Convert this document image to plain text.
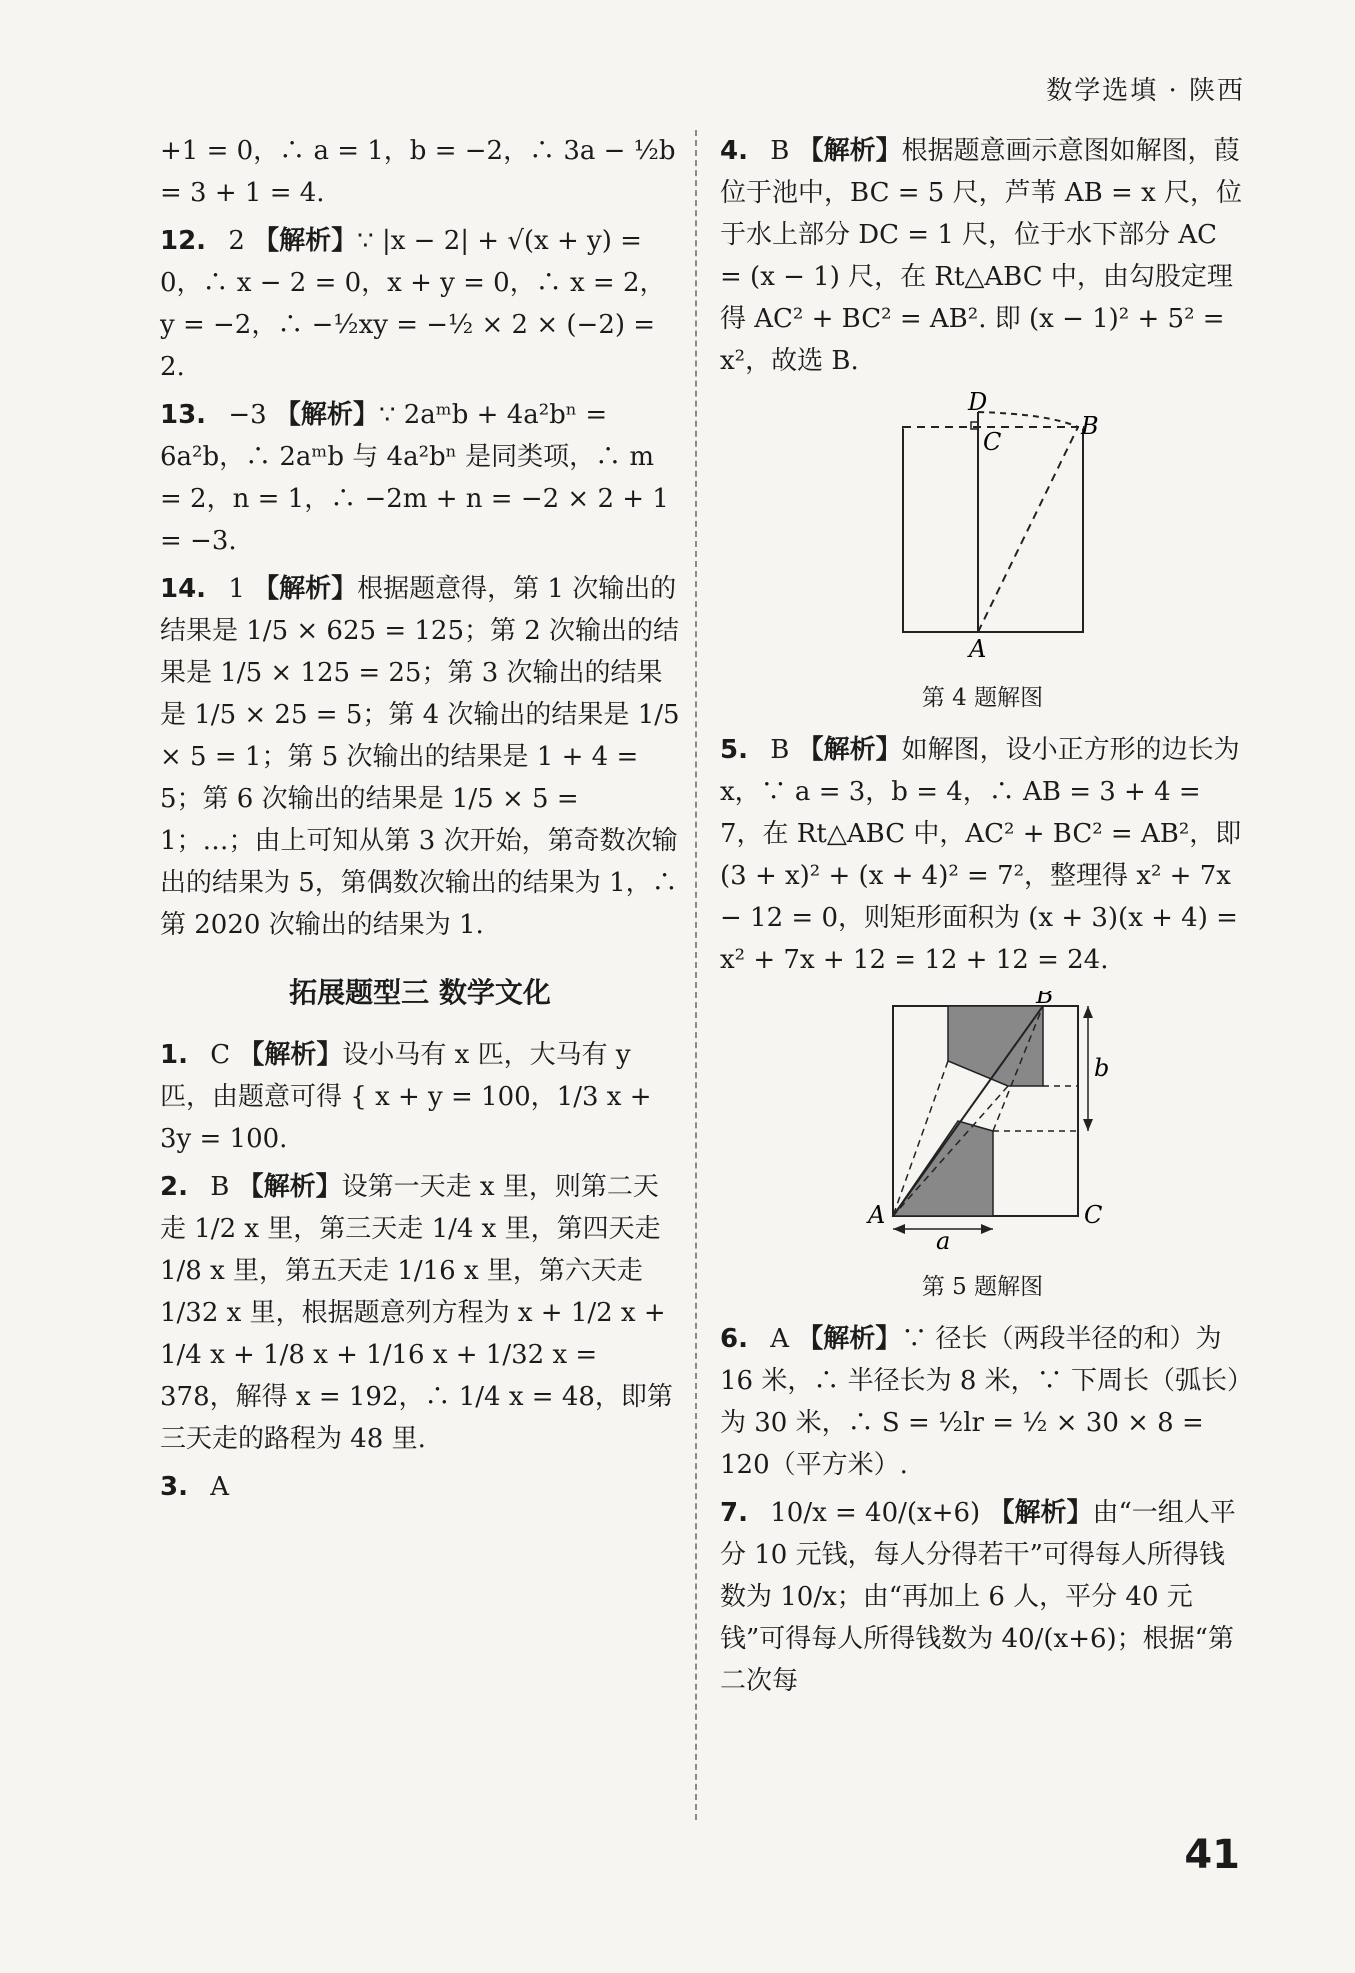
数学选填 · 陕西
+1 = 0，∴ a = 1，b = −2，∴ 3a − ½b = 3 + 1 = 4.
12. 2 【解析】∵ |x − 2| + √(x + y) = 0，∴ x − 2 = 0，x + y = 0，∴ x = 2，y = −2，∴ −½xy = −½ × 2 × (−2) = 2.
13. −3 【解析】∵ 2aᵐb + 4a²bⁿ = 6a²b，∴ 2aᵐb 与 4a²bⁿ 是同类项，∴ m = 2，n = 1，∴ −2m + n = −2 × 2 + 1 = −3.
14. 1 【解析】根据题意得，第 1 次输出的结果是 1/5 × 625 = 125；第 2 次输出的结果是 1/5 × 125 = 25；第 3 次输出的结果是 1/5 × 25 = 5；第 4 次输出的结果是 1/5 × 5 = 1；第 5 次输出的结果是 1 + 4 = 5；第 6 次输出的结果是 1/5 × 5 = 1；…；由上可知从第 3 次开始，第奇数次输出的结果为 5，第偶数次输出的结果为 1，∴ 第 2020 次输出的结果为 1.
拓展题型三 数学文化
1. C 【解析】设小马有 x 匹，大马有 y 匹，由题意可得 { x + y = 100，1/3 x + 3y = 100.
2. B 【解析】设第一天走 x 里，则第二天走 1/2 x 里，第三天走 1/4 x 里，第四天走 1/8 x 里，第五天走 1/16 x 里，第六天走 1/32 x 里，根据题意列方程为 x + 1/2 x + 1/4 x + 1/8 x + 1/16 x + 1/32 x = 378，解得 x = 192，∴ 1/4 x = 48，即第三天走的路程为 48 里.
3. A
4. B 【解析】根据题意画示意图如解图，葭位于池中，BC = 5 尺，芦苇 AB = x 尺，位于水上部分 DC = 1 尺，位于水下部分 AC = (x − 1) 尺，在 Rt△ABC 中，由勾股定理得 AC² + BC² = AB². 即 (x − 1)² + 5² = x²，故选 B.
D
C
B
A
第 4 题解图
5. B 【解析】如解图，设小正方形的边长为 x，∵ a = 3，b = 4，∴ AB = 3 + 4 = 7，在 Rt△ABC 中，AC² + BC² = AB²，即 (3 + x)² + (x + 4)² = 7²，整理得 x² + 7x − 12 = 0，则矩形面积为 (x + 3)(x + 4) = x² + 7x + 12 = 12 + 12 = 24.
B
b
A
a
C
第 5 题解图
6. A 【解析】∵ 径长（两段半径的和）为 16 米，∴ 半径长为 8 米，∵ 下周长（弧长）为 30 米，∴ S = ½lr = ½ × 30 × 8 = 120（平方米）.
7. 10/x = 40/(x+6) 【解析】由“一组人平分 10 元钱，每人分得若干”可得每人所得钱数为 10/x；由“再加上 6 人，平分 40 元钱”可得每人所得钱数为 40/(x+6)；根据“第二次每
41
